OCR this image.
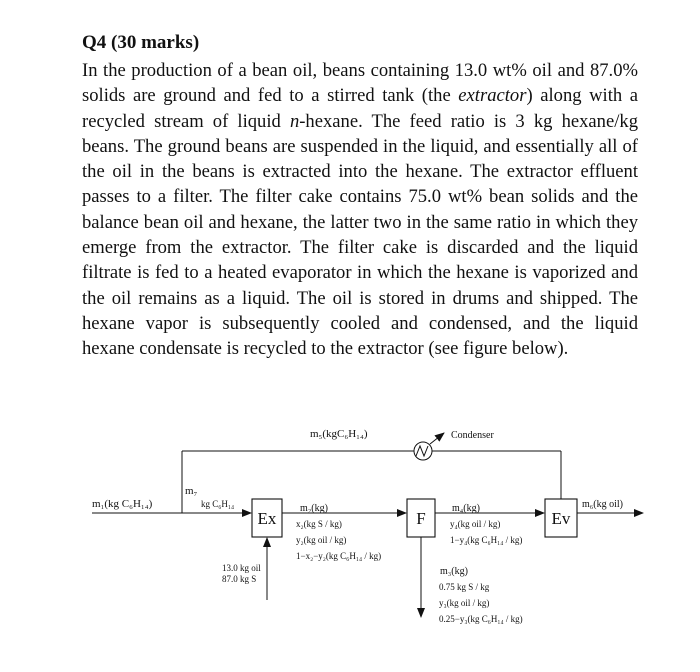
Q4 (30 marks)

In the production of a bean oil, beans containing 13.0 wt% oil and 87.0% solids are ground and fed to a stirred tank (the extractor) along with a recycled stream of liquid n-hexane. The feed ratio is 3 kg hexane/kg beans. The ground beans are suspended in the liquid, and essentially all of the oil in the beans is extracted into the hexane. The extractor effluent passes to a filter. The filter cake contains 75.0 wt% bean solids and the balance bean oil and hexane, the latter two in the same ratio in which they emerge from the extractor. The filter cake is discarded and the liquid filtrate is fed to a heated evaporator in which the hexane is vaporized and the oil remains as a liquid. The oil is stored in drums and shipped. The hexane vapor is subsequently cooled and condensed, and the liquid hexane condensate is recycled to the extractor (see figure below).

Ex	F	Ev
Condenser
m₅(kgC₆H₁₄)
m₁(kg C₆H₁₄)
m₇
kg C₆H₁₄
13.0 kg oil
87.0 kg S
m₂(kg)
x₂(kg S / kg)
y₂(kg oil / kg)
1−x₂−y₂(kg C₆H₁₄ / kg)
m₄(kg)
y₄(kg oil / kg)
1−y₄(kg C₆H₁₄ / kg)
m₆(kg oil)
m₃(kg)
0.75 kg S / kg
y₃(kg oil / kg)
0.25−y₃(kg C₆H₁₄ / kg)
